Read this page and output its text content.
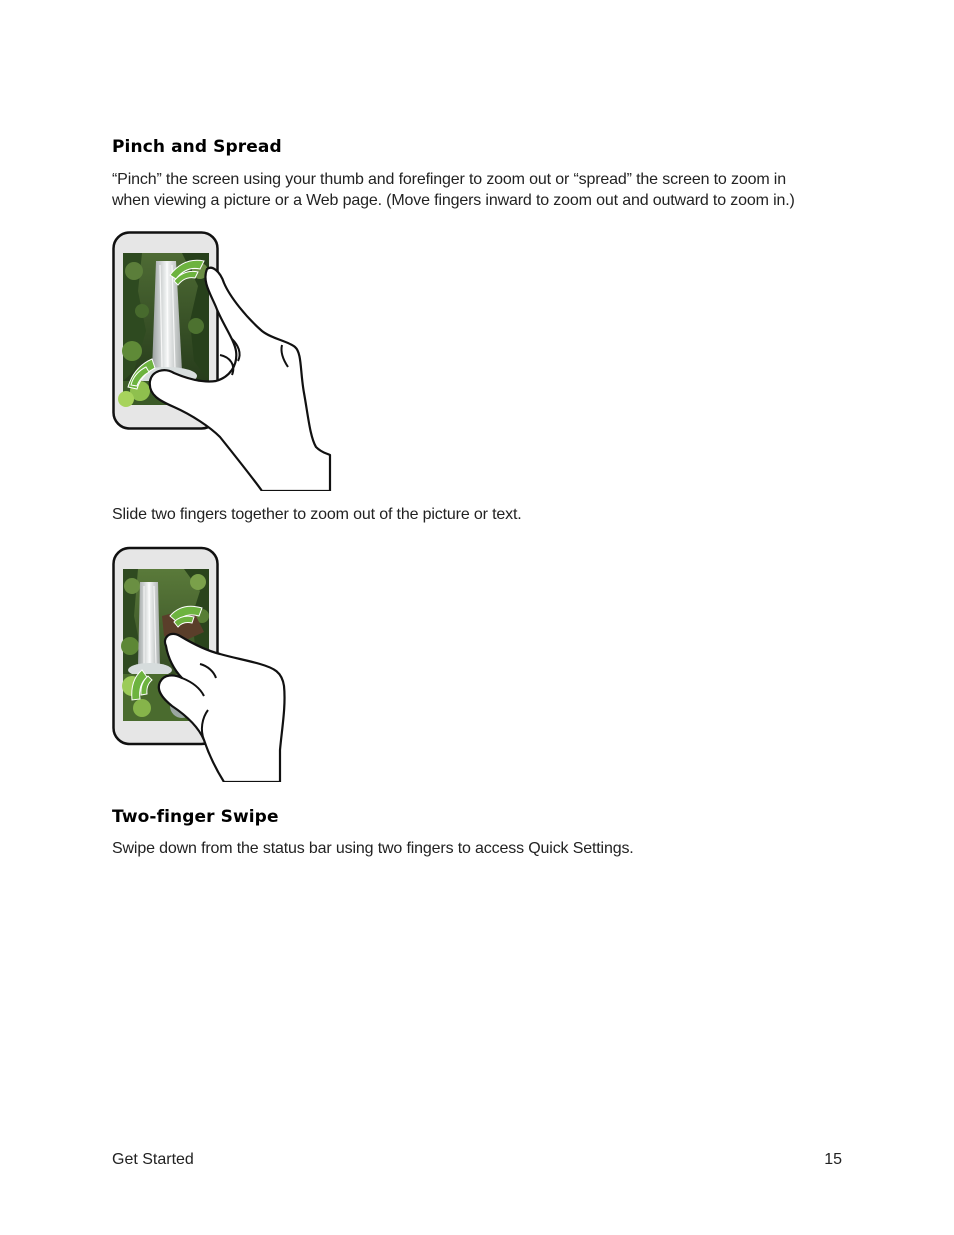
Pinch and Spread

“Pinch” the screen using your thumb and forefinger to zoom out or “spread” the screen to zoom in
when viewing a picture or a Web page. (Move fingers inward to zoom out and outward to zoom in.)

Slide two fingers together to zoom out of the picture or text.

Two-finger Swipe

Swipe down from the status bar using two fingers to access Quick Settings.

Get Started	15
